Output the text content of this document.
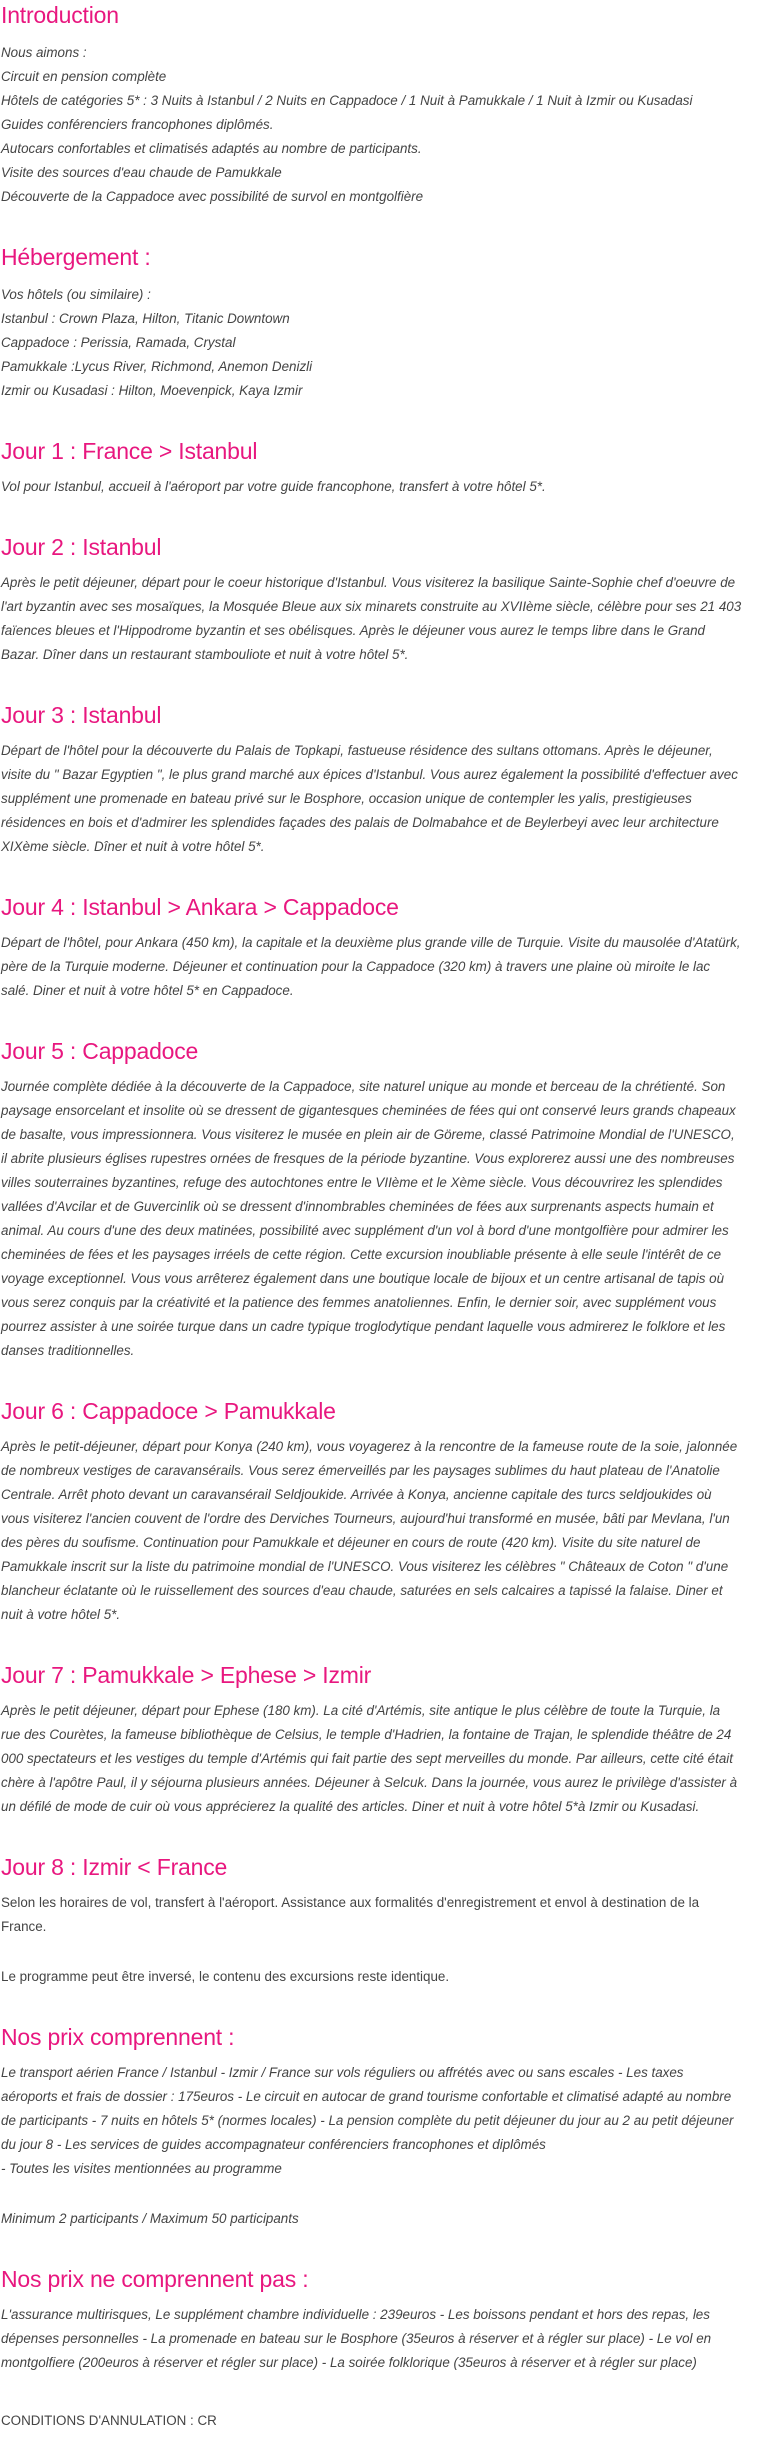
Introduction

Nous aimons :

Circuit en pension complète

Hôtels de catégories 5* : 3 Nuits à Istanbul / 2 Nuits en Cappadoce / 1 Nuit à Pamukkale / 1 Nuit à Izmir ou Kusadasi

Guides conférenciers francophones diplômés.

Autocars confortables et climatisés adaptés au nombre de participants.

Visite des sources d'eau chaude de Pamukkale

Découverte de la Cappadoce avec possibilité de survol en montgolfière

Hébergement :

Vos hôtels (ou similaire) :

Istanbul : Crown Plaza, Hilton, Titanic Downtown

Cappadoce : Perissia, Ramada, Crystal

Pamukkale :Lycus River, Richmond, Anemon Denizli

Izmir ou Kusadasi : Hilton, Moevenpick, Kaya Izmir

Jour 1 : France > Istanbul

Vol pour Istanbul, accueil à l'aéroport par votre guide francophone, transfert à votre hôtel 5*.

Jour 2 : Istanbul

Après le petit déjeuner, départ pour le coeur historique d'Istanbul. Vous visiterez la basilique Sainte-Sophie chef d'oeuvre de l'art byzantin avec ses mosaïques, la Mosquée Bleue aux six minarets construite au XVIIème siècle, célèbre pour ses 21 403 faïences bleues et l'Hippodrome byzantin et ses obélisques. Après le déjeuner vous aurez le temps libre dans le Grand Bazar. Dîner dans un restaurant stambouliote et nuit à votre hôtel 5*.

Jour 3 : Istanbul

Départ de l'hôtel pour la découverte du Palais de Topkapi, fastueuse résidence des sultans ottomans. Après le déjeuner, visite du " Bazar Egyptien ", le plus grand marché aux épices d'Istanbul. Vous aurez également la possibilité d'effectuer avec supplément une promenade en bateau privé sur le Bosphore, occasion unique de contempler les yalis, prestigieuses résidences en bois et d'admirer les splendides façades des palais de Dolmabahce et de Beylerbeyi avec leur architecture XIXème siècle. Dîner et nuit à votre hôtel 5*.

Jour 4 : Istanbul > Ankara > Cappadoce

Départ de l'hôtel, pour Ankara (450 km), la capitale et la deuxième plus grande ville de Turquie. Visite du mausolée d'Atatürk, père de la Turquie moderne. Déjeuner et continuation pour la Cappadoce (320 km) à travers une plaine où miroite le lac salé. Diner et nuit à votre hôtel 5* en Cappadoce.

Jour 5 : Cappadoce

Journée complète dédiée à la découverte de la Cappadoce, site naturel unique au monde et berceau de la chrétienté. Son paysage ensorcelant et insolite où se dressent de gigantesques cheminées de fées qui ont conservé leurs grands chapeaux de basalte, vous impressionnera. Vous visiterez le musée en plein air de Göreme, classé Patrimoine Mondial de l'UNESCO, il abrite plusieurs églises rupestres ornées de fresques de la période byzantine. Vous explorerez aussi une des nombreuses villes souterraines byzantines, refuge des autochtones entre le VIIème et le Xème siècle. Vous découvrirez les splendides vallées d'Avcilar et de Guvercinlik où se dressent d'innombrables cheminées de fées aux surprenants aspects humain et animal. Au cours d'une des deux matinées, possibilité avec supplément d'un vol à bord d'une montgolfière pour admirer les cheminées de fées et les paysages irréels de cette région. Cette excursion inoubliable présente à elle seule l'intérêt de ce voyage exceptionnel. Vous vous arrêterez également dans une boutique locale de bijoux et un centre artisanal de tapis où vous serez conquis par la créativité et la patience des femmes anatoliennes. Enfin, le dernier soir, avec supplément vous pourrez assister à une soirée turque dans un cadre typique troglodytique pendant laquelle vous admirerez le folklore et les danses traditionnelles.

Jour 6 : Cappadoce > Pamukkale

Après le petit-déjeuner, départ pour Konya (240 km), vous voyagerez à la rencontre de la fameuse route de la soie, jalonnée de nombreux vestiges de caravansérails. Vous serez émerveillés par les paysages sublimes du haut plateau de l'Anatolie Centrale. Arrêt photo devant un caravansérail Seldjoukide. Arrivée à Konya, ancienne capitale des turcs seldjoukides où vous visiterez l'ancien couvent de l'ordre des Derviches Tourneurs, aujourd'hui transformé en musée, bâti par Mevlana, l'un des pères du soufisme. Continuation pour Pamukkale et déjeuner en cours de route (420 km). Visite du site naturel de Pamukkale inscrit sur la liste du patrimoine mondial de l'UNESCO. Vous visiterez les célèbres " Châteaux de Coton " d'une blancheur éclatante où le ruissellement des sources d'eau chaude, saturées en sels calcaires a tapissé la falaise. Diner et nuit à votre hôtel 5*.

Jour 7 : Pamukkale > Ephese > Izmir

Après le petit déjeuner, départ pour Ephese (180 km). La cité d'Artémis, site antique le plus célèbre de toute la Turquie, la rue des Courètes, la fameuse bibliothèque de Celsius, le temple d'Hadrien, la fontaine de Trajan, le splendide théâtre de 24 000 spectateurs et les vestiges du temple d'Artémis qui fait partie des sept merveilles du monde. Par ailleurs, cette cité était chère à l'apôtre Paul, il y séjourna plusieurs années. Déjeuner à Selcuk. Dans la journée, vous aurez le privilège d'assister à un défilé de mode de cuir où vous apprécierez la qualité des articles. Diner et nuit à votre hôtel 5*à Izmir ou Kusadasi.

Jour 8 : Izmir < France

Selon les horaires de vol, transfert à l'aéroport. Assistance aux formalités d'enregistrement et envol à destination de la France.

Le programme peut être inversé, le contenu des excursions reste identique.

Nos prix comprennent :

Le transport aérien France / Istanbul - Izmir / France sur vols réguliers ou affrétés avec ou sans escales - Les taxes aéroports et frais de dossier : 175euros - Le circuit en autocar de grand tourisme confortable et climatisé adapté au nombre de participants - 7 nuits en hôtels 5* (normes locales) - La pension complète du petit déjeuner du jour au 2 au petit déjeuner du jour 8 - Les services de guides accompagnateur conférenciers francophones et diplômés

- Toutes les visites mentionnées au programme

Minimum 2 participants / Maximum 50 participants

Nos prix ne comprennent pas :

L'assurance multirisques, Le supplément chambre individuelle : 239euros - Les boissons pendant et hors des repas, les dépenses personnelles - La promenade en bateau sur le Bosphore (35euros à réserver et à régler sur place) - Le vol en montgolfiere (200euros à réserver et régler sur place) - La soirée folklorique (35euros à réserver et à régler sur place)

CONDITIONS D'ANNULATION : CR
